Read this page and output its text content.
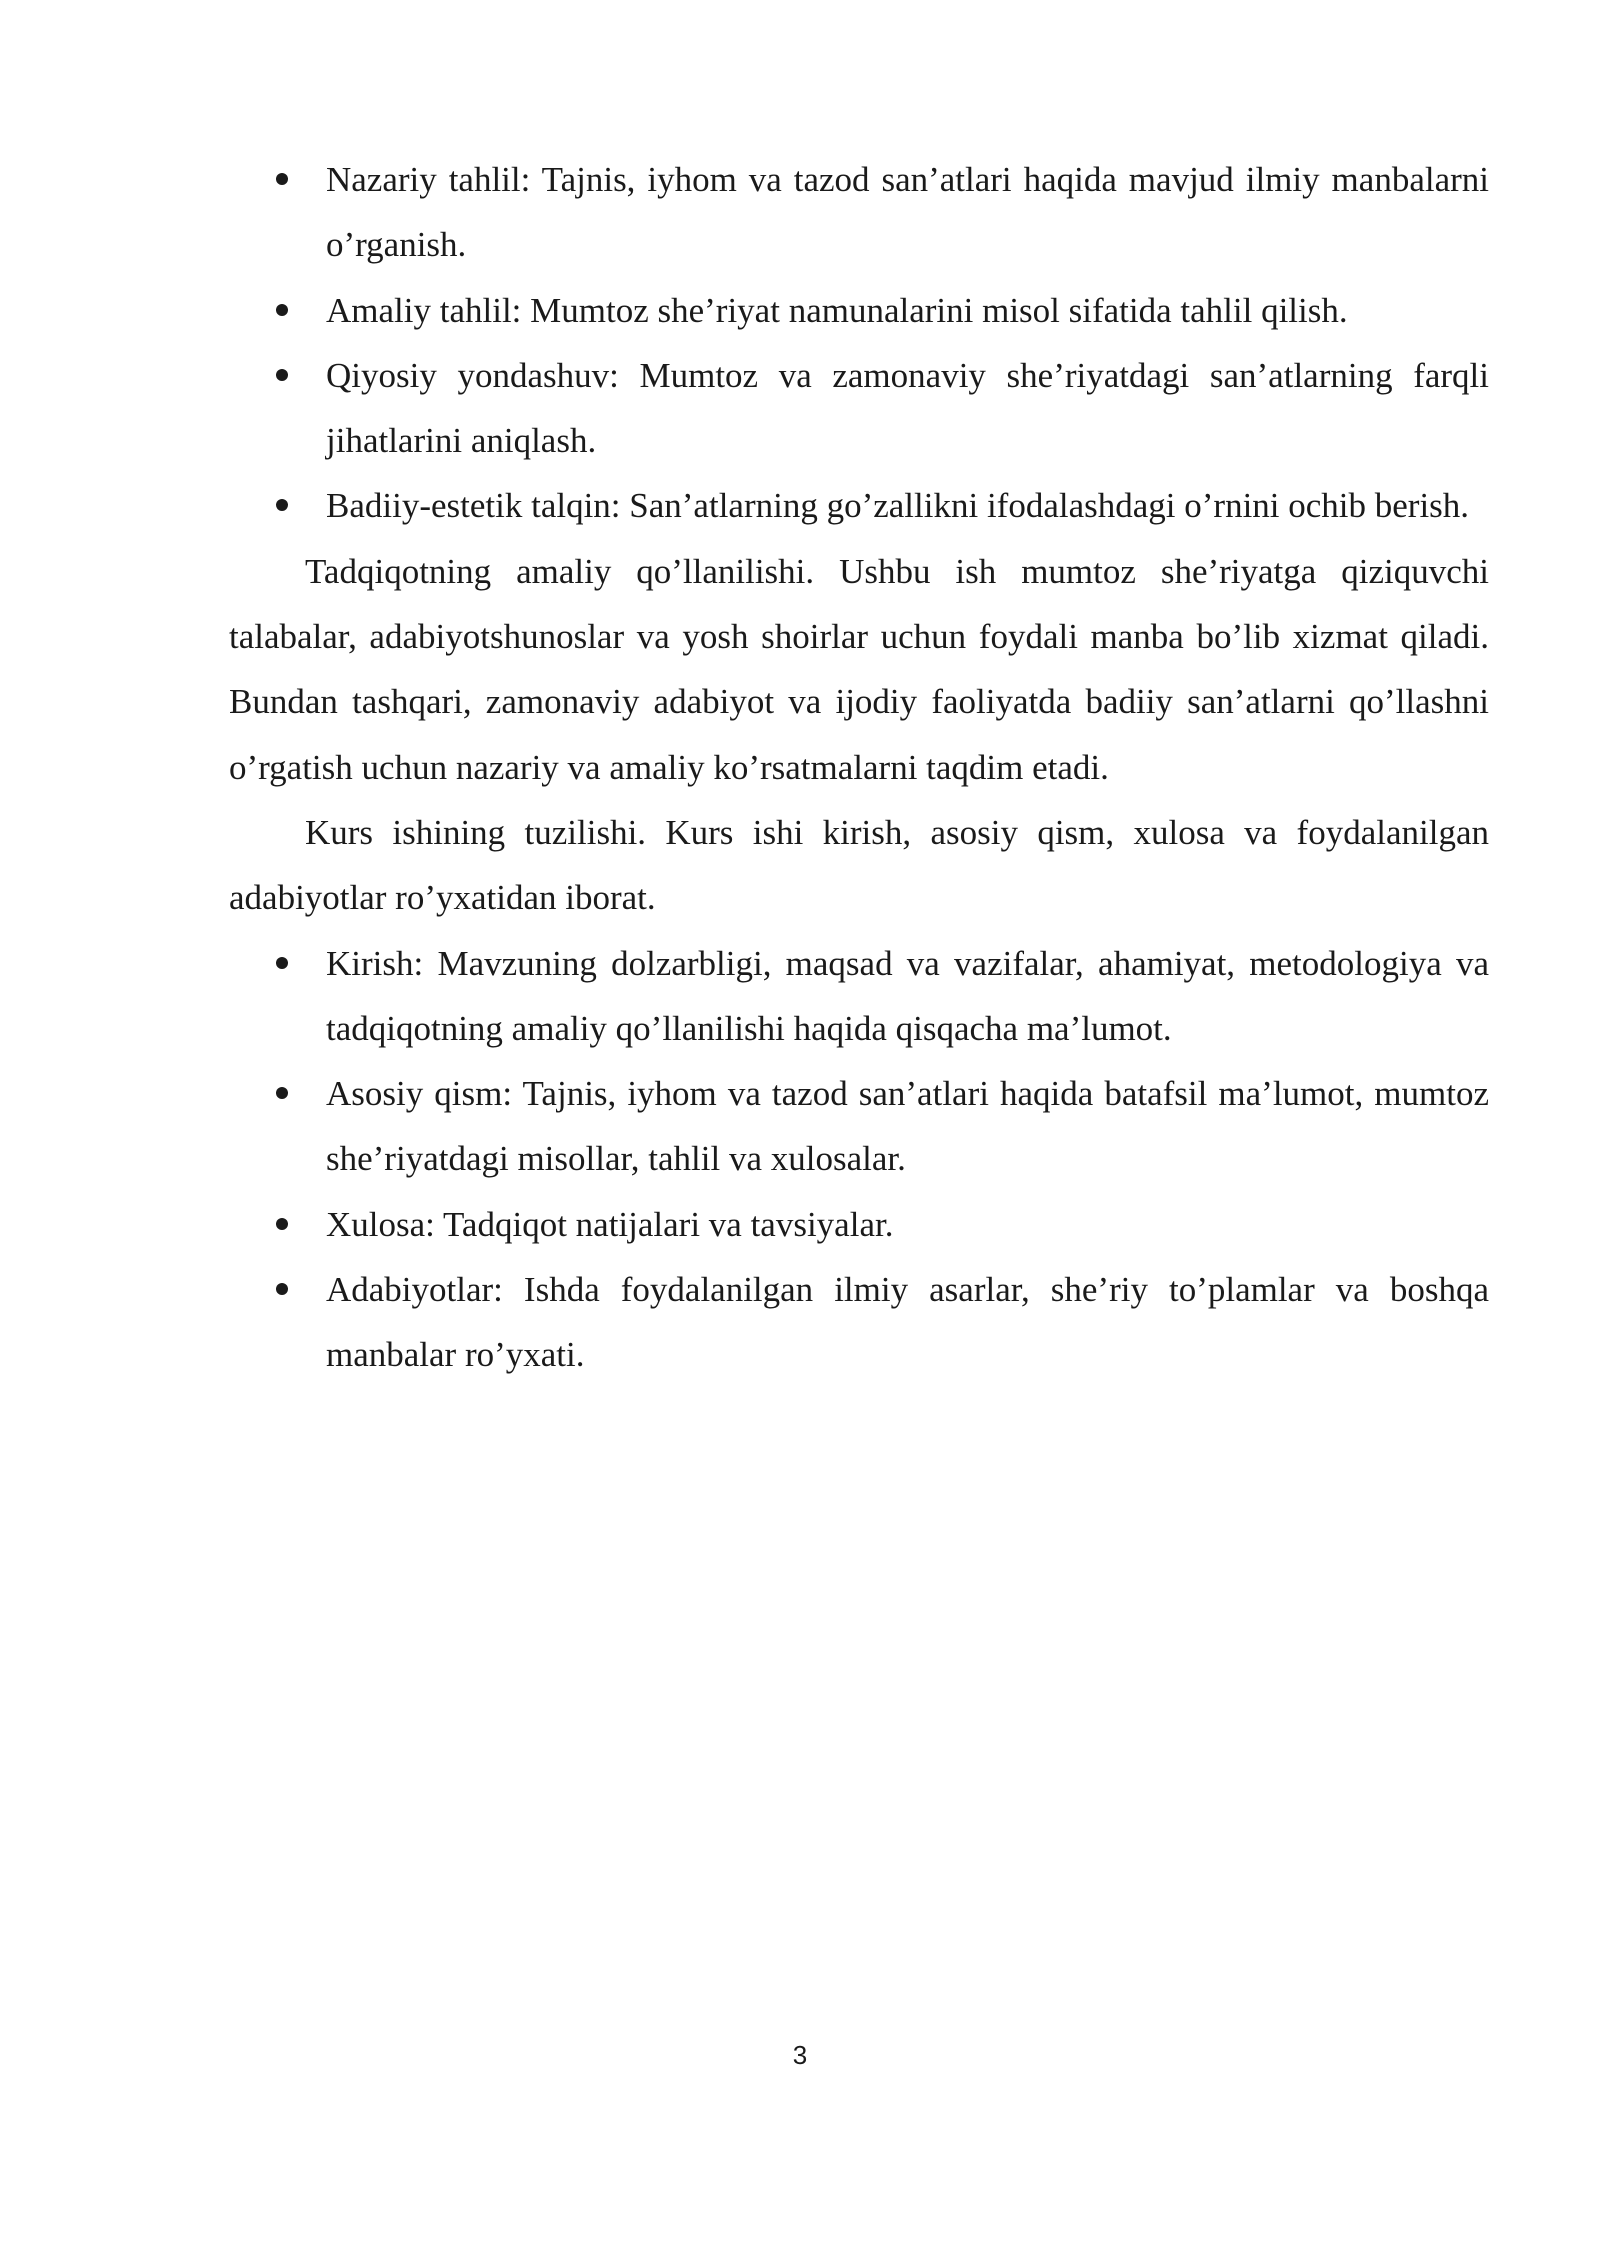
Nazariy tahlil: Tajnis, iyhom va tazod san’atlari haqida mavjud ilmiy manbalarni o’rganish.
Amaliy tahlil: Mumtoz she’riyat namunalarini misol sifatida tahlil qilish.
Qiyosiy yondashuv: Mumtoz va zamonaviy she’riyatdagi san’atlarning farqli jihatlarini aniqlash.
Badiiy-estetik talqin: San’atlarning go’zallikni ifodalashdagi o’rnini ochib berish.

Tadqiqotning amaliy qo’llanilishi. Ushbu ish mumtoz she’riyatga qiziquvchi talabalar, adabiyotshunoslar va yosh shoirlar uchun foydali manba bo’lib xizmat qiladi. Bundan tashqari, zamonaviy adabiyot va ijodiy faoliyatda badiiy san’atlarni qo’llashni o’rgatish uchun nazariy va amaliy ko’rsatmalarni taqdim etadi.

Kurs ishining tuzilishi. Kurs ishi kirish, asosiy qism, xulosa va foydalanilgan adabiyotlar ro’yxatidan iborat.

Kirish: Mavzuning dolzarbligi, maqsad va vazifalar, ahamiyat, metodologiya va tadqiqotning amaliy qo’llanilishi haqida qisqacha ma’lumot.
Asosiy qism: Tajnis, iyhom va tazod san’atlari haqida batafsil ma’lumot, mumtoz she’riyatdagi misollar, tahlil va xulosalar.
Xulosa: Tadqiqot natijalari va tavsiyalar.
Adabiyotlar: Ishda foydalanilgan ilmiy asarlar, she’riy to’plamlar va boshqa manbalar ro’yxati.
3
